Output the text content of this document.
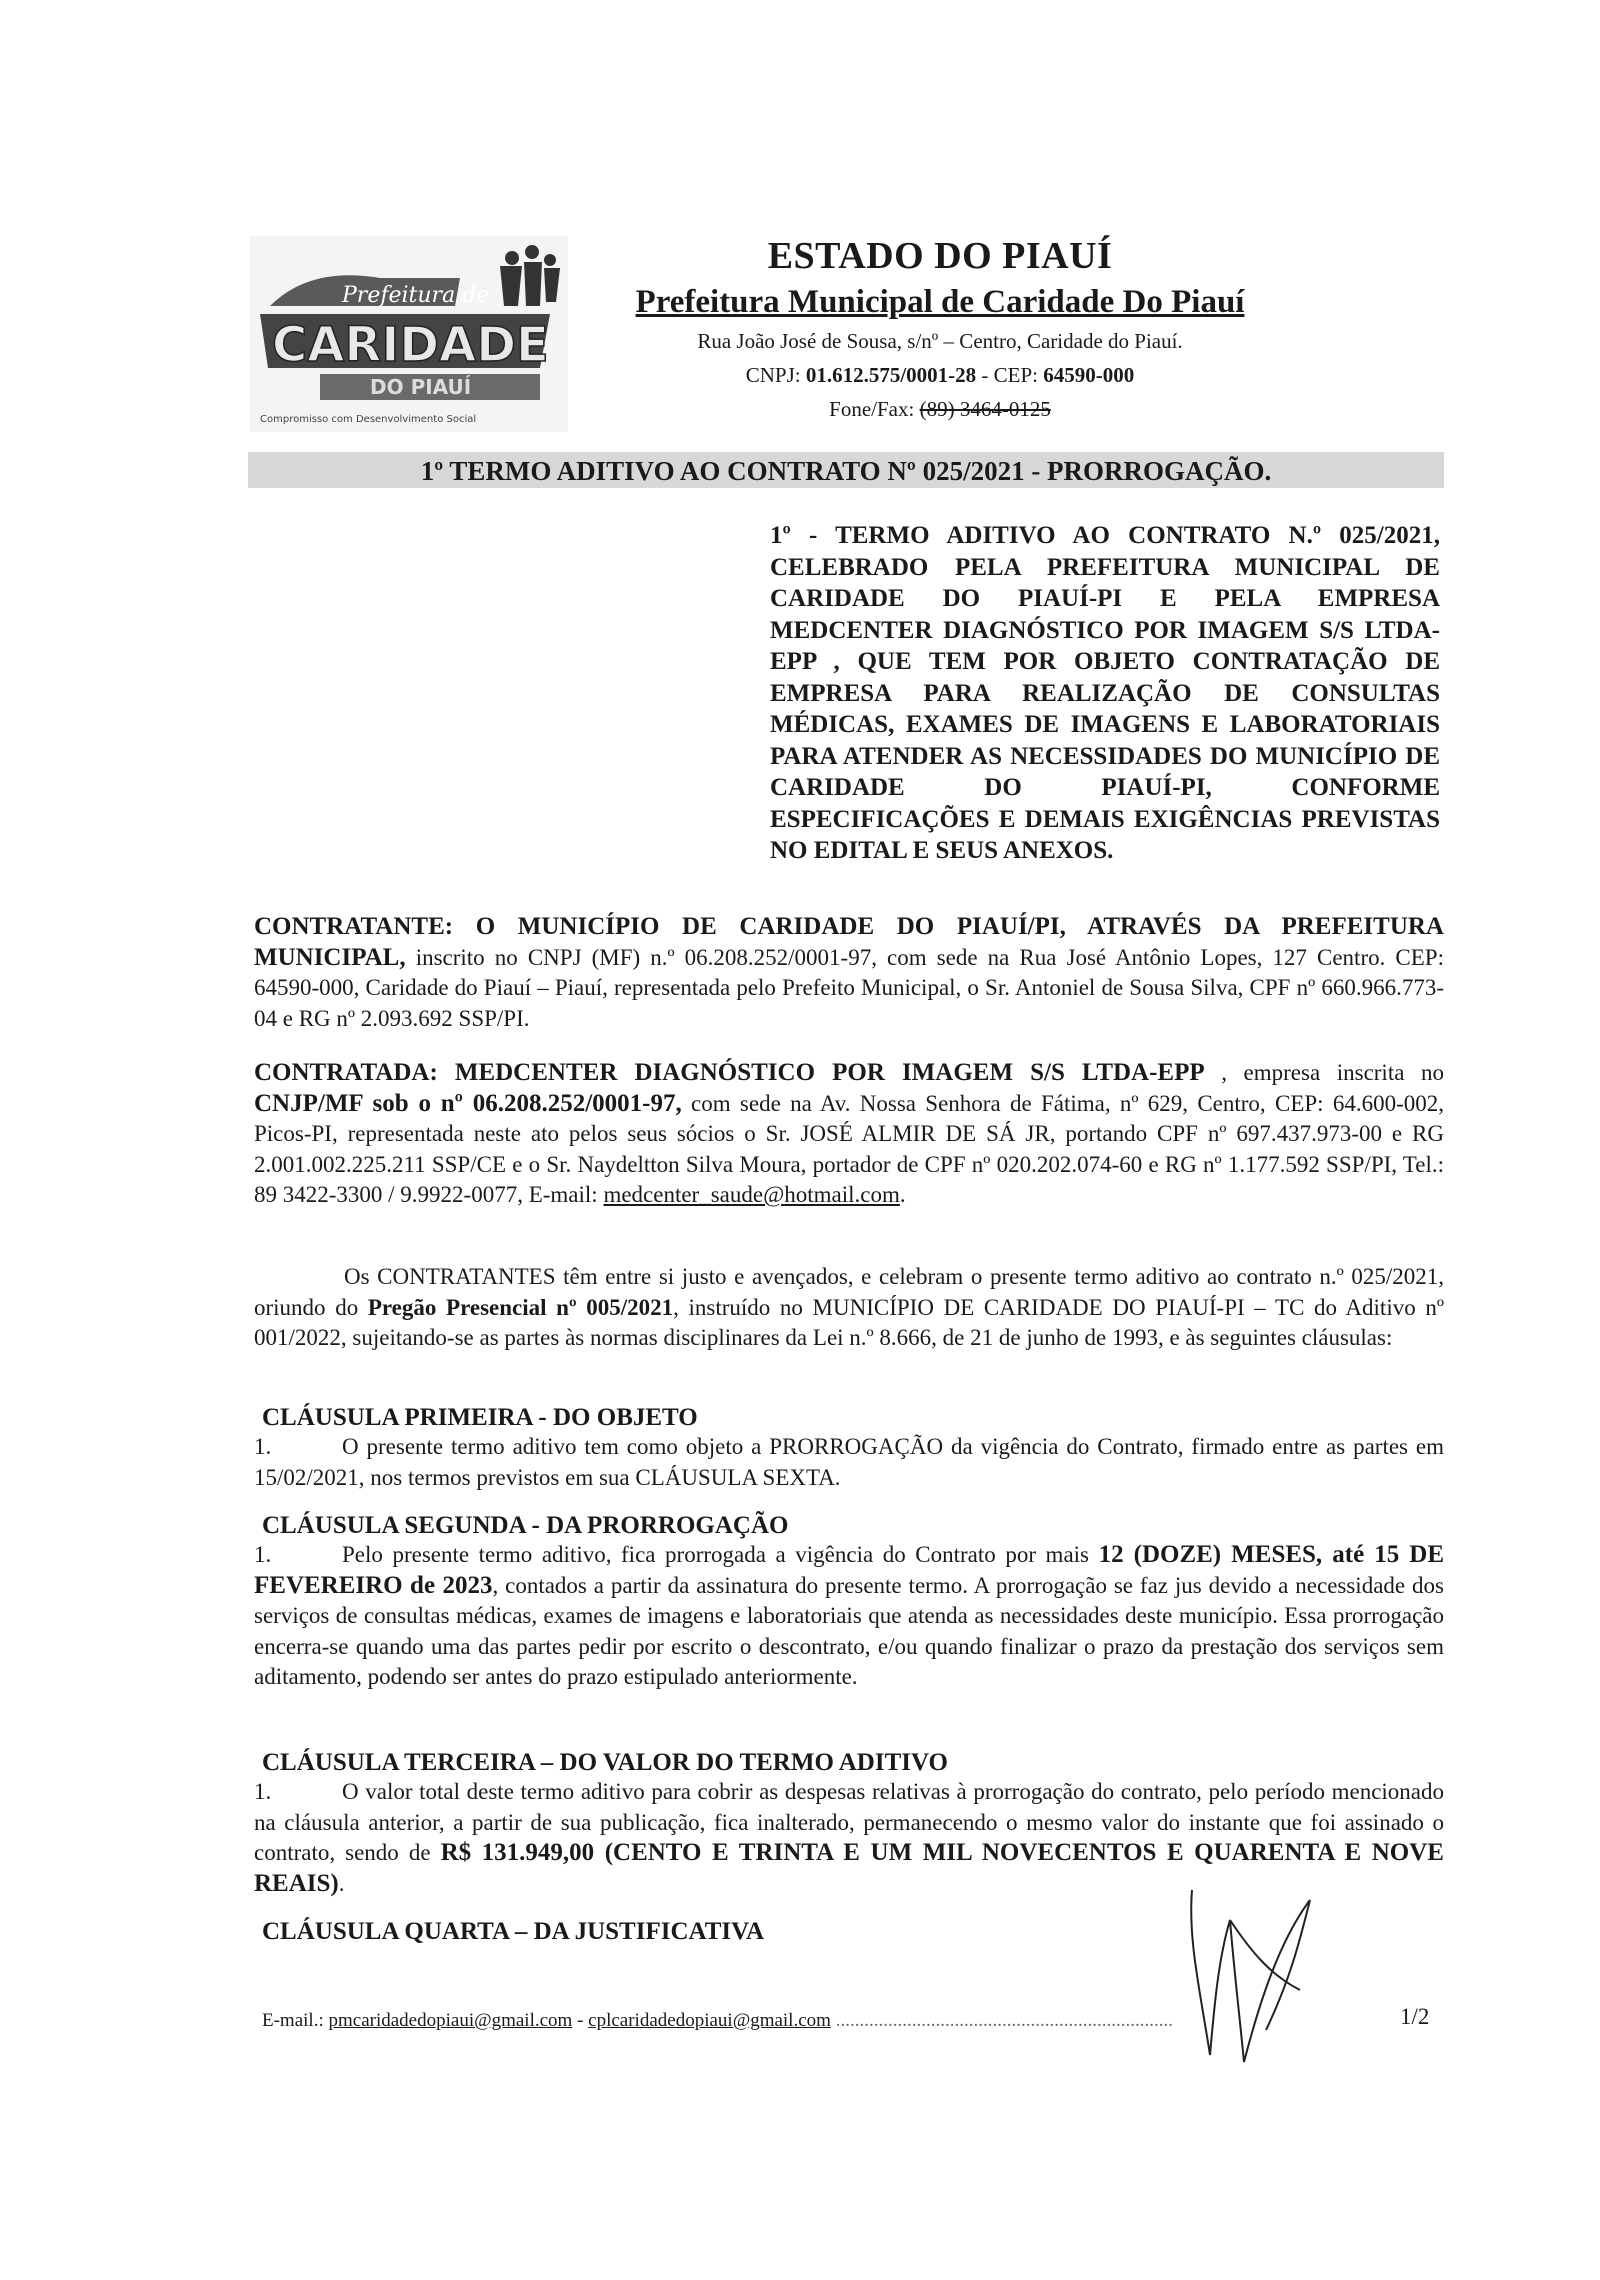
Prefeitura de
CARIDADE
DO PIAUÍ
Compromisso com Desenvolvimento Social
ESTADO DO PIAUÍ
Prefeitura Municipal de Caridade Do Piauí
Rua João José de Sousa, s/nº – Centro, Caridade do Piauí.
CNPJ: 01.612.575/0001-28 - CEP: 64590-000
Fone/Fax: (89) 3464-0125
1º TERMO ADITIVO AO CONTRATO Nº 025/2021 - PRORROGAÇÃO.
1º - TERMO ADITIVO AO CONTRATO N.º 025/2021, CELEBRADO PELA PREFEITURA MUNICIPAL DE CARIDADE DO PIAUÍ-PI E PELA EMPRESA MEDCENTER DIAGNÓSTICO POR IMAGEM S/S LTDA-EPP , QUE TEM POR OBJETO CONTRATAÇÃO DE EMPRESA PARA REALIZAÇÃO DE CONSULTAS MÉDICAS, EXAMES DE IMAGENS E LABORATORIAIS PARA ATENDER AS NECESSIDADES DO MUNICÍPIO DE CARIDADE DO PIAUÍ-PI, CONFORME ESPECIFICAÇÕES E DEMAIS EXIGÊNCIAS PREVISTAS NO EDITAL E SEUS ANEXOS.
CONTRATANTE: O MUNICÍPIO DE CARIDADE DO PIAUÍ/PI, ATRAVÉS DA PREFEITURA MUNICIPAL, inscrito no CNPJ (MF) n.º 06.208.252/0001-97, com sede na Rua José Antônio Lopes, 127 Centro. CEP: 64590-000, Caridade do Piauí – Piauí, representada pelo Prefeito Municipal, o Sr. Antoniel de Sousa Silva, CPF nº 660.966.773-04 e RG nº 2.093.692 SSP/PI.
CONTRATADA: MEDCENTER DIAGNÓSTICO POR IMAGEM S/S LTDA-EPP , empresa inscrita no CNJP/MF sob o nº 06.208.252/0001-97, com sede na Av. Nossa Senhora de Fátima, nº 629, Centro, CEP: 64.600-002, Picos-PI, representada neste ato pelos seus sócios o Sr. JOSÉ ALMIR DE SÁ JR, portando CPF nº 697.437.973-00 e RG 2.001.002.225.211 SSP/CE e o Sr. Naydeltton Silva Moura, portador de CPF nº 020.202.074-60 e RG nº 1.177.592 SSP/PI, Tel.: 89 3422-3300 / 9.9922-0077, E-mail: medcenter_saude@hotmail.com.
Os CONTRATANTES têm entre si justo e avençados, e celebram o presente termo aditivo ao contrato n.º 025/2021, oriundo do Pregão Presencial nº 005/2021, instruído no MUNICÍPIO DE CARIDADE DO PIAUÍ-PI – TC do Aditivo nº 001/2022, sujeitando-se as partes às normas disciplinares da Lei n.º 8.666, de 21 de junho de 1993, e às seguintes cláusulas:
CLÁUSULA PRIMEIRA - DO OBJETO
1.	O presente termo aditivo tem como objeto a PRORROGAÇÃO da vigência do Contrato, firmado entre as partes em 15/02/2021, nos termos previstos em sua CLÁUSULA SEXTA.
CLÁUSULA SEGUNDA - DA PRORROGAÇÃO
1.	Pelo presente termo aditivo, fica prorrogada a vigência do Contrato por mais 12 (DOZE) MESES, até 15 DE FEVEREIRO de 2023, contados a partir da assinatura do presente termo. A prorrogação se faz jus devido a necessidade dos serviços de consultas médicas, exames de imagens e laboratoriais que atenda as necessidades deste município. Essa prorrogação encerra-se quando uma das partes pedir por escrito o descontrato, e/ou quando finalizar o prazo da prestação dos serviços sem aditamento, podendo ser antes do prazo estipulado anteriormente.
CLÁUSULA TERCEIRA – DO VALOR DO TERMO ADITIVO
1.	O valor total deste termo aditivo para cobrir as despesas relativas à prorrogação do contrato, pelo período mencionado na cláusula anterior, a partir de sua publicação, fica inalterado, permanecendo o mesmo valor do instante que foi assinado o contrato, sendo de R$ 131.949,00 (CENTO E TRINTA E UM MIL NOVECENTOS E QUARENTA E NOVE REAIS).
CLÁUSULA QUARTA – DA JUSTIFICATIVA
E-mail.: pmcaridadedopiaui@gmail.com - cplcaridadedopiaui@gmail.com .......................................................................	1/2
